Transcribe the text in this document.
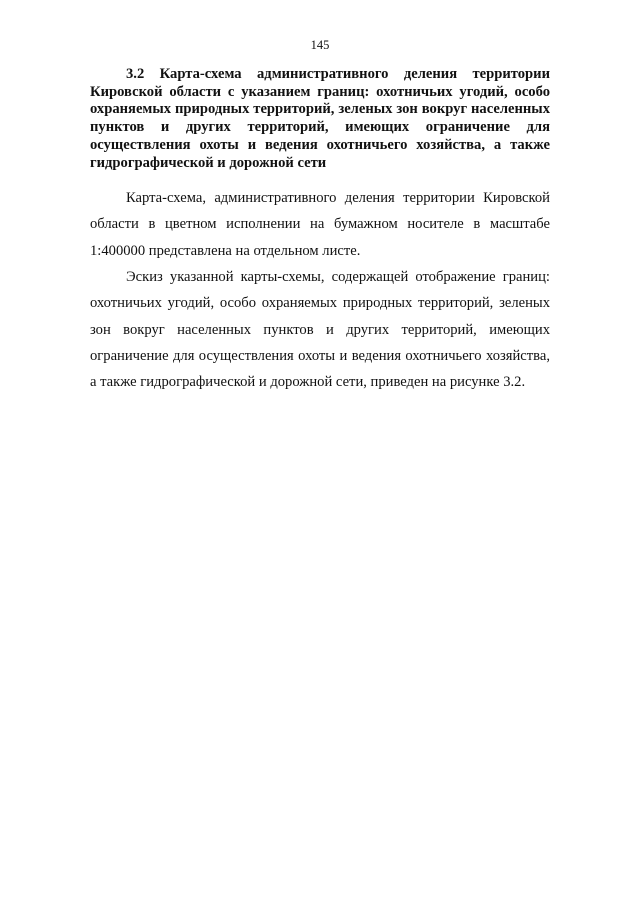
145
3.2 Карта-схема административного деления территории Кировской области с указанием границ: охотничьих угодий, особо охраняемых природных территорий, зеленых зон вокруг населенных пунктов и других территорий, имеющих ограничение для осуществления охоты и ведения охотничьего хозяйства, а также гидрографической и дорожной сети

Карта-схема, административного деления территории Кировской области в цветном исполнении на бумажном носителе в масштабе 1:400000 представлена на отдельном листе.

Эскиз указанной карты-схемы, содержащей отображение границ: охотничьих угодий, особо охраняемых природных территорий, зеленых зон вокруг населенных пунктов и других территорий, имеющих ограничение для осуществления охоты и ведения охотничьего хозяйства, а также гидрографической и дорожной сети, приведен на рисунке 3.2.
